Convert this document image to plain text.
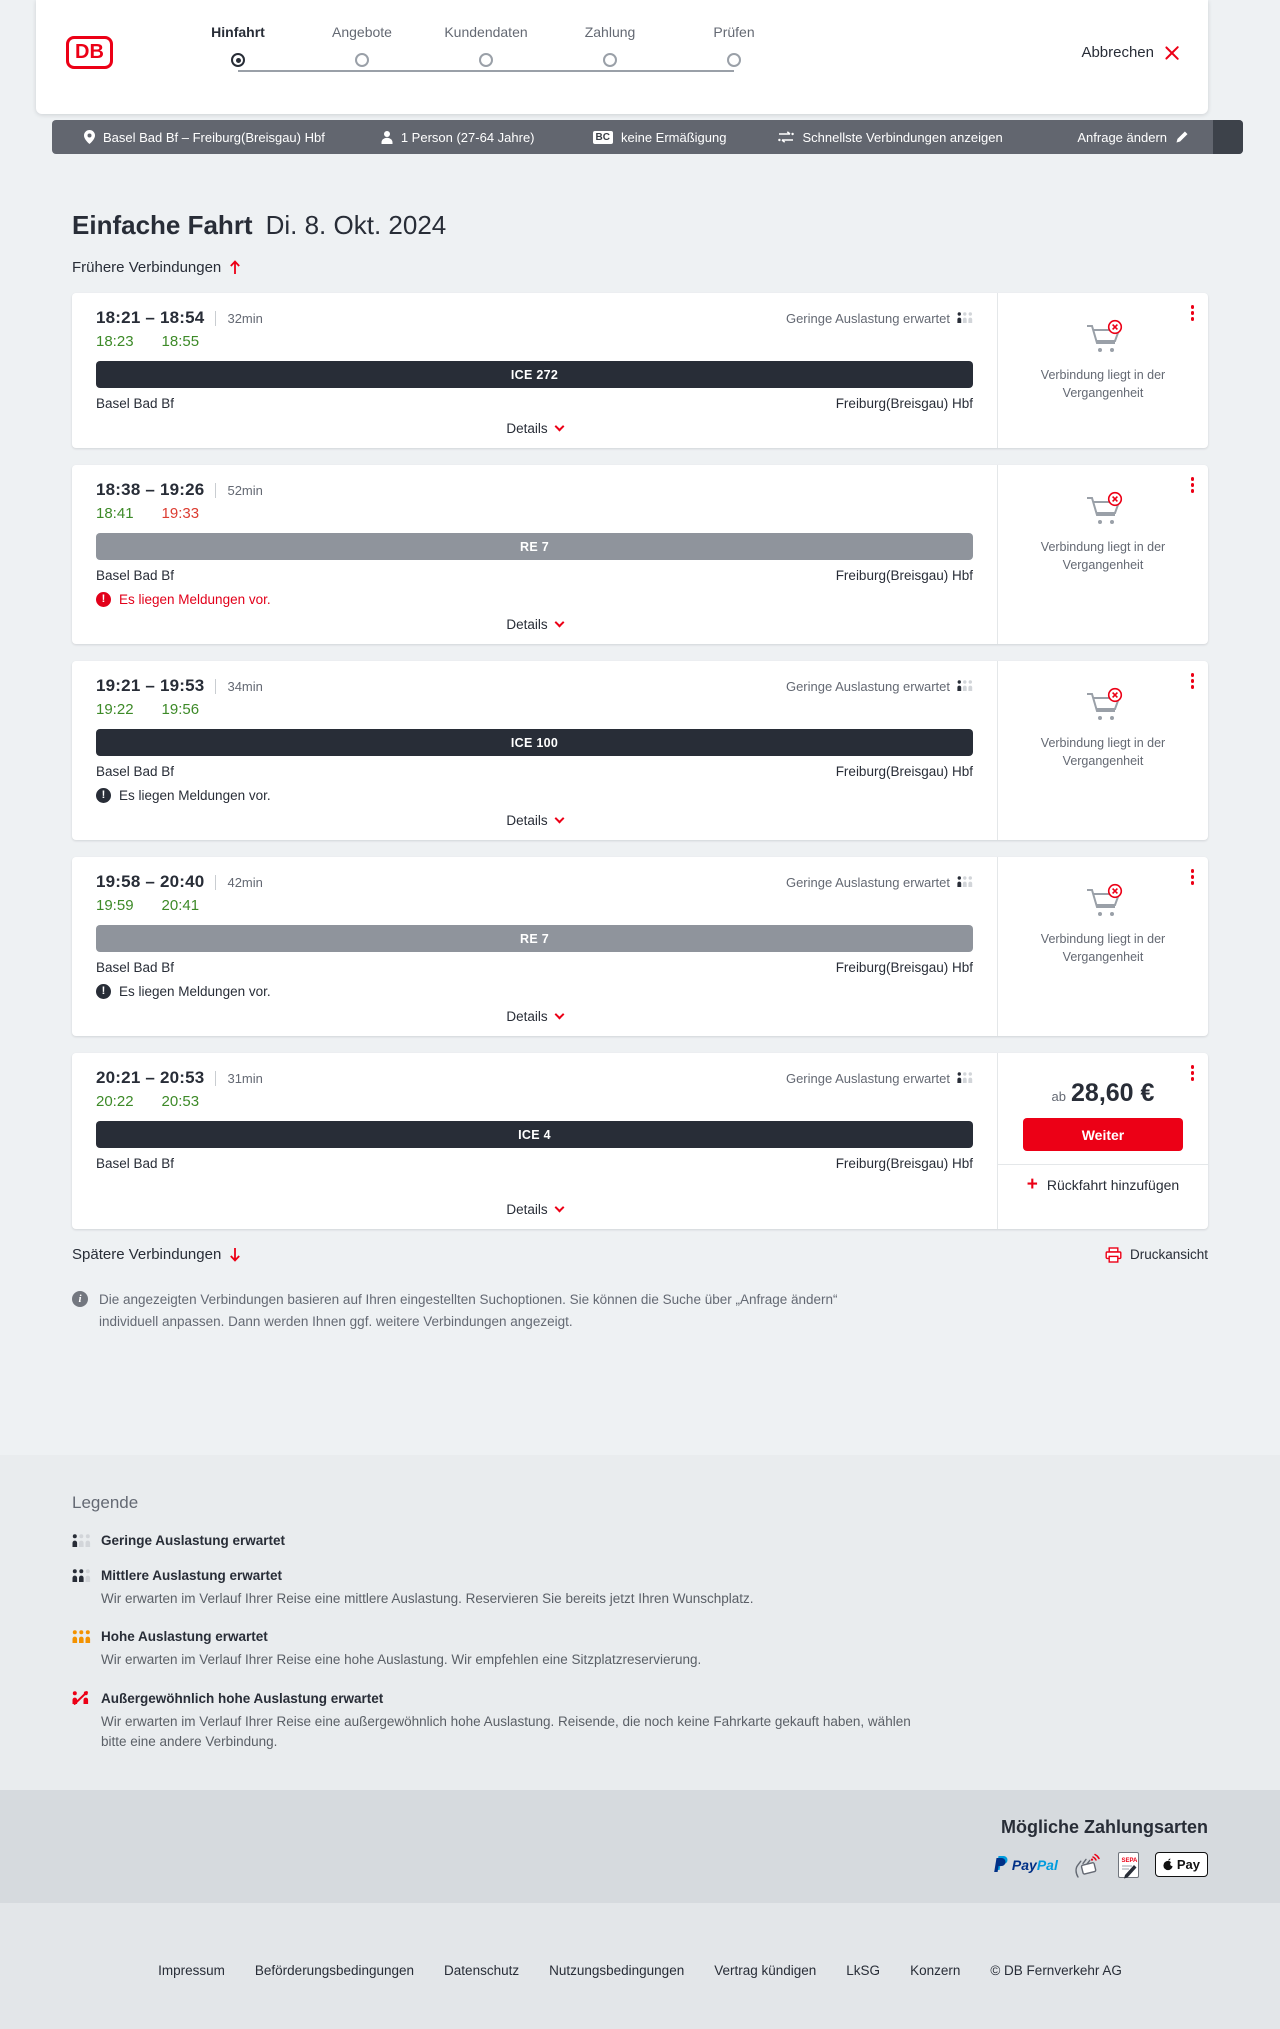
DB
Hinfahrt	Angebote	Kundendaten	Zahlung	Prüfen
Abbrechen
Basel Bad Bf – Freiburg(Breisgau) Hbf	1 Person (27-64 Jahre)	BC keine Ermäßigung	Schnellste Verbindungen anzeigen	Anfrage ändern
Einfache Fahrt Di. 8. Okt. 2024
Frühere Verbindungen
18:21 – 18:54 32min	Geringe Auslastung erwartet
18:23 18:55
ICE 272
Basel Bad Bf	Freiburg(Breisgau) Hbf
Details
Verbindung liegt in der Vergangenheit
18:38 – 19:26 52min
18:41 19:33
RE 7
Basel Bad Bf	Freiburg(Breisgau) Hbf
!	Es liegen Meldungen vor.
Details
Verbindung liegt in der Vergangenheit
19:21 – 19:53 34min	Geringe Auslastung erwartet
19:22 19:56
ICE 100
Basel Bad Bf	Freiburg(Breisgau) Hbf
!	Es liegen Meldungen vor.
Details
Verbindung liegt in der Vergangenheit
19:58 – 20:40 42min	Geringe Auslastung erwartet
19:59 20:41
RE 7
Basel Bad Bf	Freiburg(Breisgau) Hbf
!	Es liegen Meldungen vor.
Details
Verbindung liegt in der Vergangenheit
20:21 – 20:53 31min	Geringe Auslastung erwartet
20:22 20:53
ICE 4
Basel Bad Bf	Freiburg(Breisgau) Hbf
Details
ab 28,60 €
Weiter
+ Rückfahrt hinzufügen
Spätere Verbindungen	Druckansicht
i	Die angezeigten Verbindungen basieren auf Ihren eingestellten Suchoptionen. Sie können die Suche über „Anfrage ändern“ individuell anpassen. Dann werden Ihnen ggf. weitere Verbindungen angezeigt.
Legende
Geringe Auslastung erwartet
Mittlere Auslastung erwartet
Wir erwarten im Verlauf Ihrer Reise eine mittlere Auslastung. Reservieren Sie bereits jetzt Ihren Wunschplatz.
Hohe Auslastung erwartet
Wir erwarten im Verlauf Ihrer Reise eine hohe Auslastung. Wir empfehlen eine Sitzplatzreservierung.
Außergewöhnlich hohe Auslastung erwartet
Wir erwarten im Verlauf Ihrer Reise eine außergewöhnlich hohe Auslastung. Reisende, die noch keine Fahrkarte gekauft haben, wählen bitte eine andere Verbindung.
Mögliche Zahlungsarten
PayPal	SEPA	Pay
Impressum Beförderungsbedingungen Datenschutz Nutzungsbedingungen Vertrag kündigen LkSG Konzern © DB Fernverkehr AG
